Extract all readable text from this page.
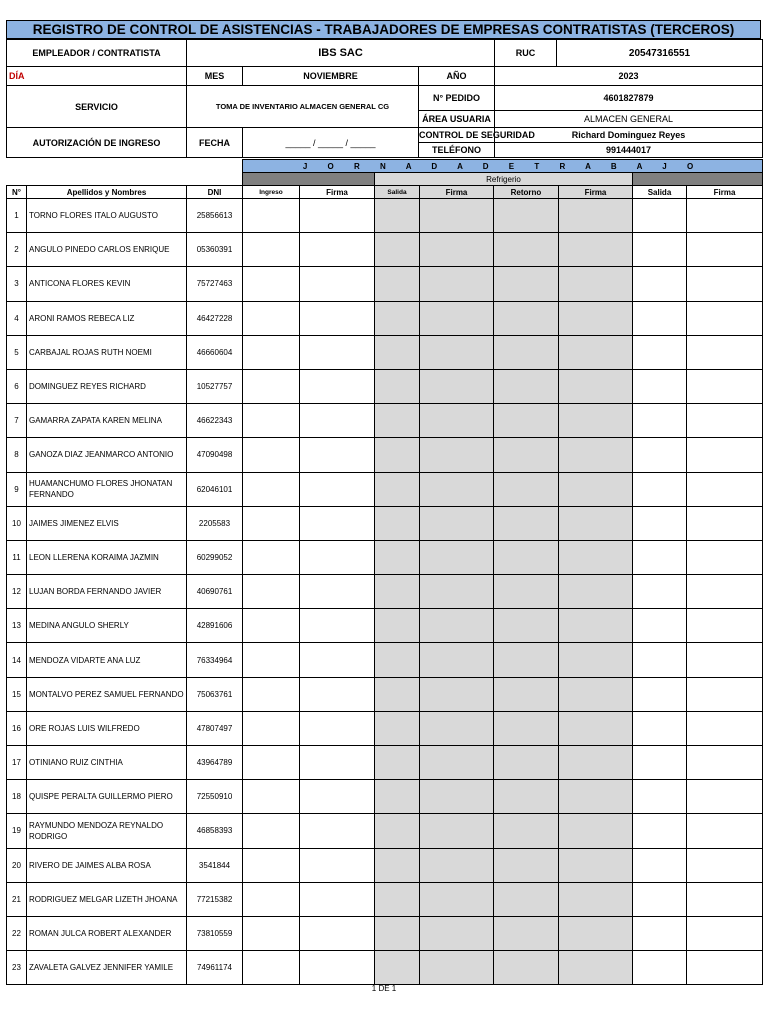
REGISTRO DE CONTROL DE ASISTENCIAS - TRABAJADORES DE EMPRESAS CONTRATISTAS (TERCEROS)
EMPLEADOR / CONTRATISTA	IBS SAC			RUC	20547316551
DÍA	MES	NOVIEMBRE	AÑO	2023	
SERVICIO	TOMA DE INVENTARIO ALMACEN GENERAL CG		N° PEDIDO	4601827879	
			ÁREA USUARIA	ALMACEN GENERAL	
AUTORIZACIÓN DE INGRESO	FECHA	_____ / _____ / _____	CONTROL DE SEGURIDAD	Richard Dominguez Reyes	
			TELÉFONO	991444017	
			J O R N A D A D E T R A B A J O							
					Refrigerio					
N°	Apellidos y Nombres	DNI	Ingreso	Firma	Salida	Firma	Retorno	Firma	Salida	Firma
1	TORNO FLORES ITALO AUGUSTO	25856613								
2	ANGULO PINEDO CARLOS ENRIQUE	05360391								
3	ANTICONA FLORES KEVIN	75727463								
4	ARONI RAMOS REBECA LIZ	46427228								
5	CARBAJAL ROJAS RUTH NOEMI	46660604								
6	DOMINGUEZ REYES RICHARD	10527757								
7	GAMARRA ZAPATA KAREN MELINA	46622343								
8	GANOZA DIAZ JEANMARCO ANTONIO	47090498								
9	HUAMANCHUMO FLORES JHONATAN FERNANDO	62046101								
10	JAIMES JIMENEZ ELVIS	2205583								
11	LEON LLERENA KORAIMA JAZMIN	60299052								
12	LUJAN BORDA FERNANDO JAVIER	40690761								
13	MEDINA ANGULO SHERLY	42891606								
14	MENDOZA VIDARTE ANA LUZ	76334964								
15	MONTALVO PEREZ SAMUEL FERNANDO	75063761								
16	ORE ROJAS LUIS WILFREDO	47807497								
17	OTINIANO RUIZ CINTHIA	43964789								
18	QUISPE PERALTA GUILLERMO PIERO	72550910								
19	RAYMUNDO MENDOZA REYNALDO RODRIGO	46858393								
20	RIVERO DE JAIMES ALBA ROSA	3541844								
21	RODRIGUEZ MELGAR LIZETH JHOANA	77215382								
22	ROMAN JULCA ROBERT ALEXANDER	73810559								
23	ZAVALETA GALVEZ JENNIFER YAMILE	74961174								
1 DE 1
